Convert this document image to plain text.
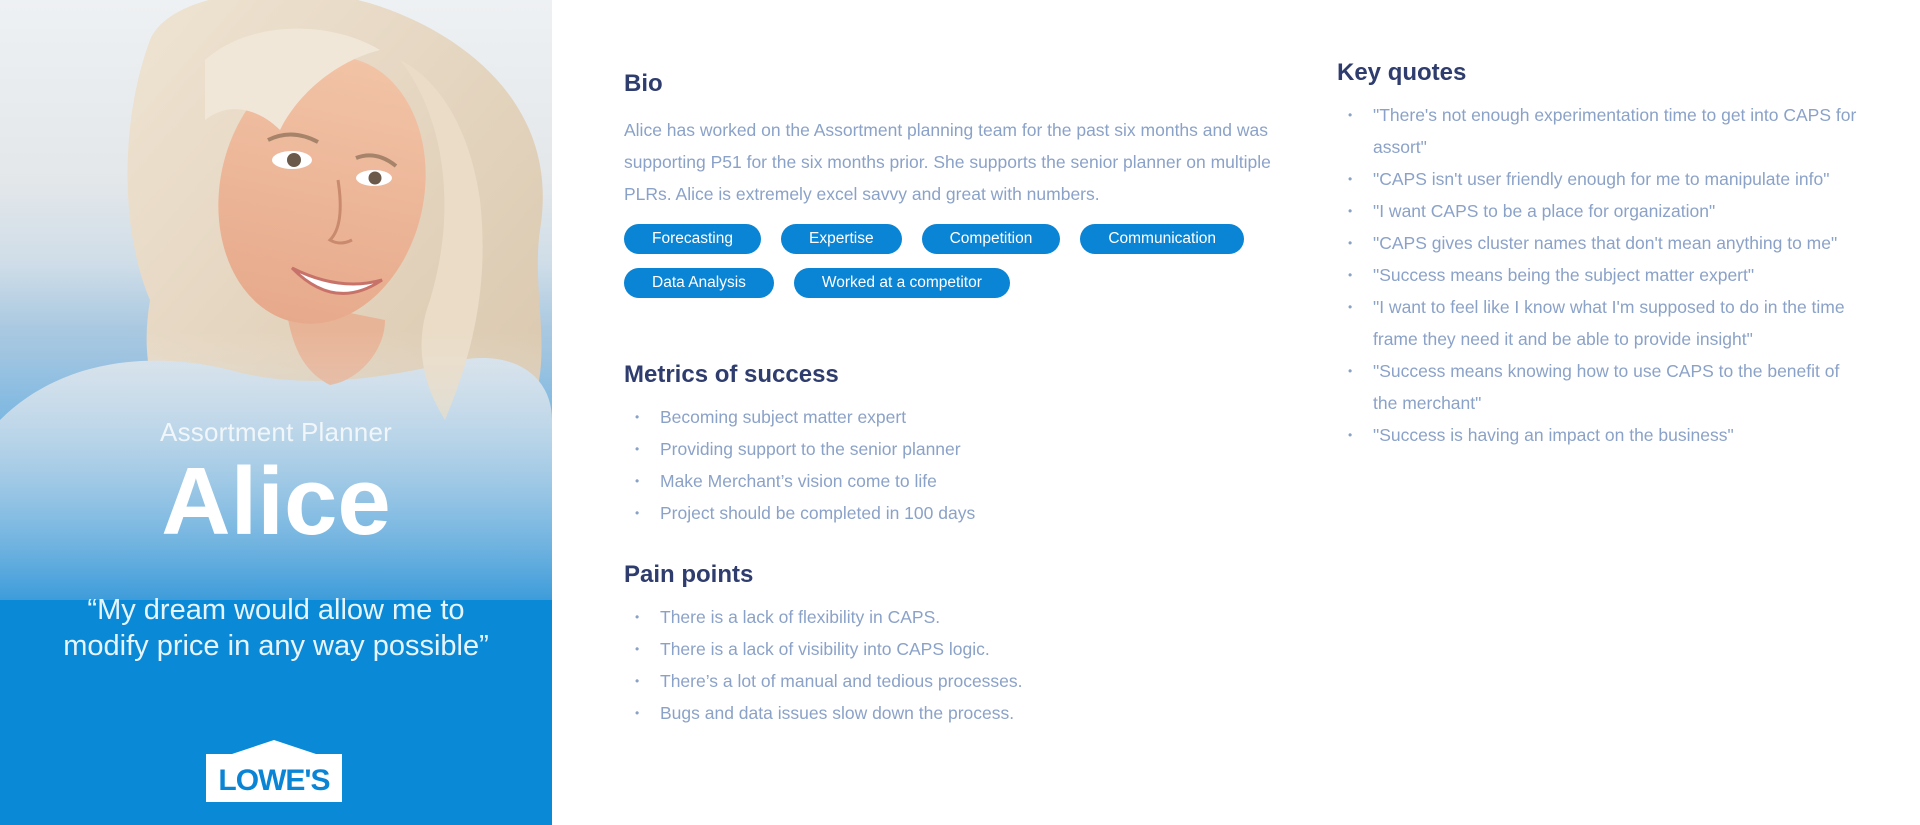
Assortment Planner
Alice
“My dream would allow me to modify price in any way possible”
LOWE'S
Bio

Alice has worked on the Assortment planning team for the past six months and was supporting P51 for the six months prior. She supports the senior planner on multiple PLRs. Alice is extremely excel savvy and great with numbers.

Forecasting	Expertise	Competition	Communication
Data Analysis	Worked at a competitor
Metrics of success
• Becoming subject matter expert
• Providing support to the senior planner
• Make Merchant’s vision come to life
• Project should be completed in 100 days
Pain points
• There is a lack of flexibility in CAPS.
• There is a lack of visibility into CAPS logic.
• There’s a lot of manual and tedious processes.
• Bugs and data issues slow down the process.
Key quotes
• "There's not enough experimentation time to get into CAPS for assort"
• "CAPS isn't user friendly enough for me to manipulate info"
• "I want CAPS to be a place for organization"
• "CAPS gives cluster names that don't mean anything to me"
• "Success means being the subject matter expert"
• "I want to feel like I know what I'm supposed to do in the time frame they need it and be able to provide insight"
• "Success means knowing how to use CAPS to the benefit of the merchant"
• "Success is having an impact on the business"
